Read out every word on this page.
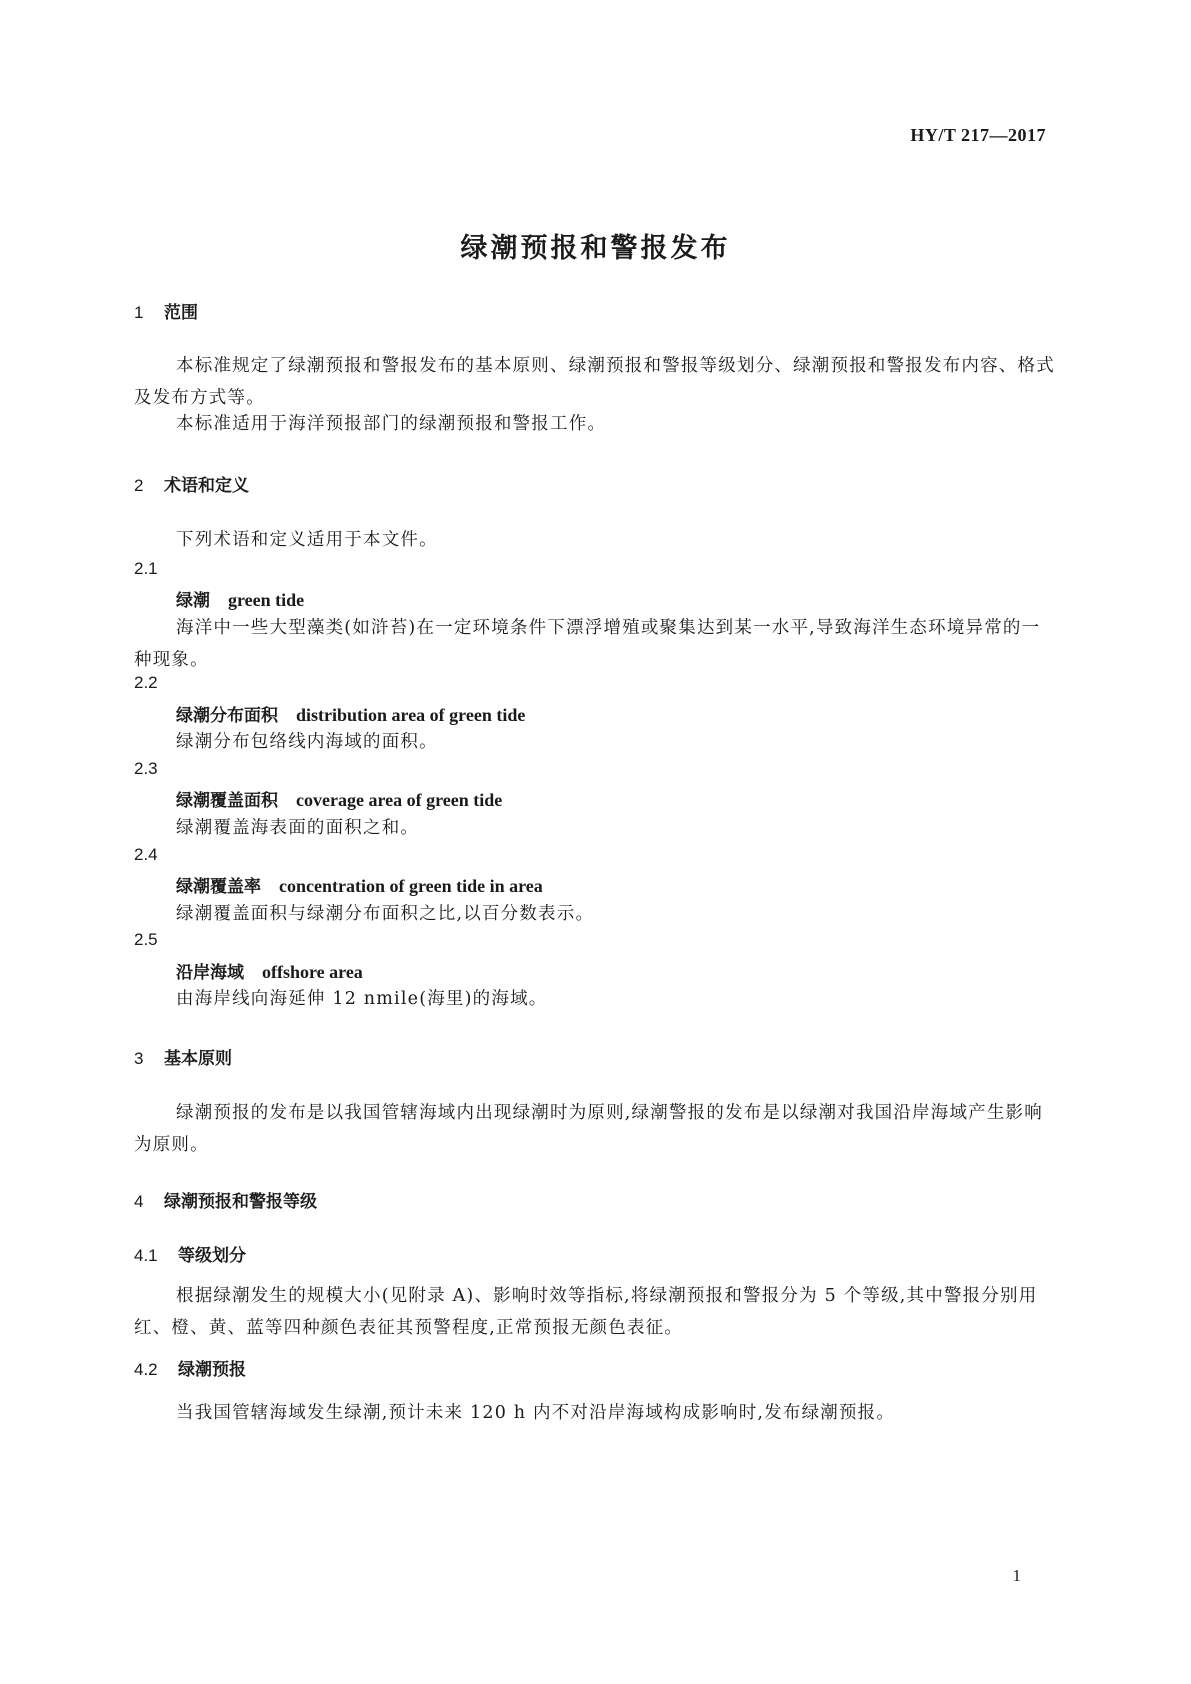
HY/T 217—2017
绿潮预报和警报发布
1 范围
本标准规定了绿潮预报和警报发布的基本原则、绿潮预报和警报等级划分、绿潮预报和警报发布内容、格式及发布方式等。
本标准适用于海洋预报部门的绿潮预报和警报工作。
2 术语和定义
下列术语和定义适用于本文件。
2.1
绿潮 green tide
海洋中一些大型藻类(如浒苔)在一定环境条件下漂浮增殖或聚集达到某一水平,导致海洋生态环境异常的一种现象。
2.2
绿潮分布面积 distribution area of green tide
绿潮分布包络线内海域的面积。
2.3
绿潮覆盖面积 coverage area of green tide
绿潮覆盖海表面的面积之和。
2.4
绿潮覆盖率 concentration of green tide in area
绿潮覆盖面积与绿潮分布面积之比,以百分数表示。
2.5
沿岸海域 offshore area
由海岸线向海延伸 12 nmile(海里)的海域。
3 基本原则
绿潮预报的发布是以我国管辖海域内出现绿潮时为原则,绿潮警报的发布是以绿潮对我国沿岸海域产生影响为原则。
4 绿潮预报和警报等级
4.1 等级划分
根据绿潮发生的规模大小(见附录 A)、影响时效等指标,将绿潮预报和警报分为 5 个等级,其中警报分别用红、橙、黄、蓝等四种颜色表征其预警程度,正常预报无颜色表征。
4.2 绿潮预报
当我国管辖海域发生绿潮,预计未来 120 h 内不对沿岸海域构成影响时,发布绿潮预报。
1
